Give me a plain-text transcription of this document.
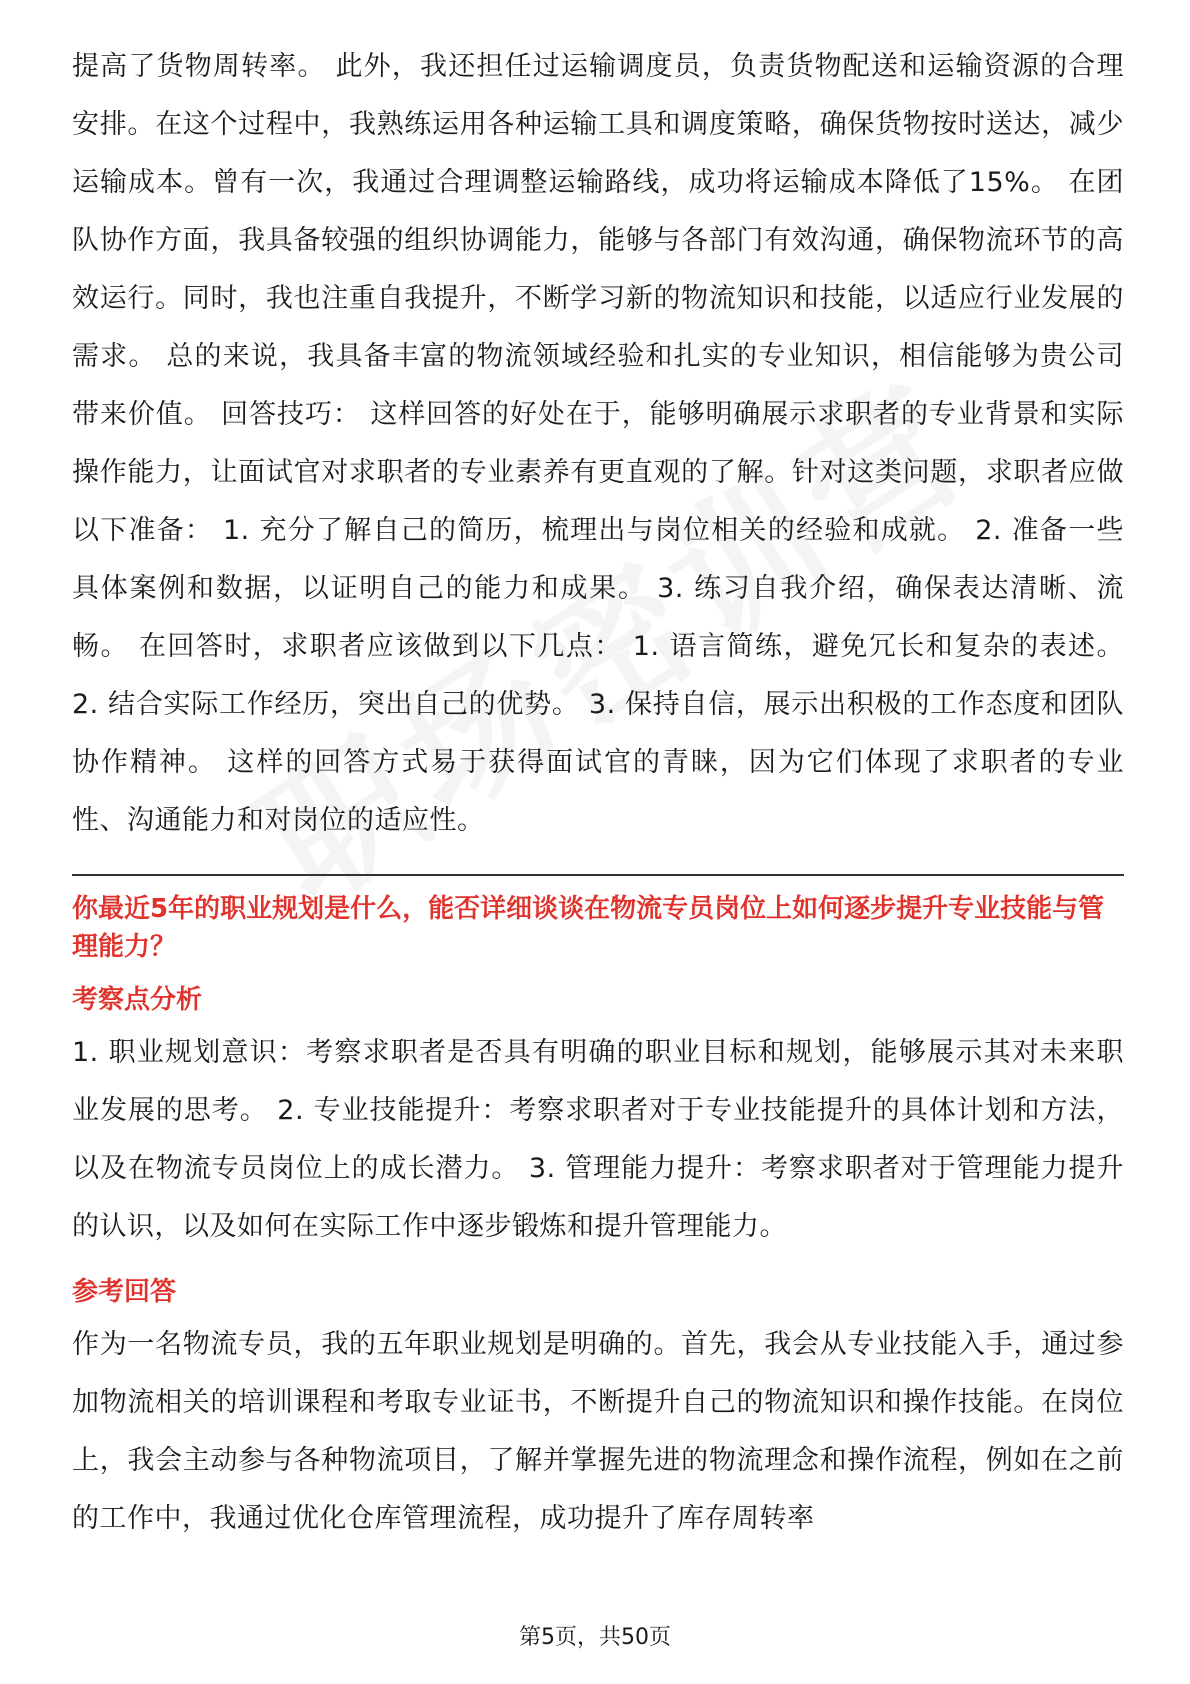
提高了货物周转率。 此外，我还担任过运输调度员，负责货物配送和运输资源的合理安排。在这个过程中，我熟练运用各种运输工具和调度策略，确保货物按时送达，减少运输成本。曾有一次，我通过合理调整运输路线，成功将运输成本降低了15%。 在团队协作方面，我具备较强的组织协调能力，能够与各部门有效沟通，确保物流环节的高效运行。同时，我也注重自我提升，不断学习新的物流知识和技能，以适应行业发展的需求。 总的来说，我具备丰富的物流领域经验和扎实的专业知识，相信能够为贵公司带来价值。 回答技巧： 这样回答的好处在于，能够明确展示求职者的专业背景和实际操作能力，让面试官对求职者的专业素养有更直观的了解。针对这类问题，求职者应做以下准备： 1. 充分了解自己的简历，梳理出与岗位相关的经验和成就。 2. 准备一些具体案例和数据，以证明自己的能力和成果。 3. 练习自我介绍，确保表达清晰、流畅。 在回答时，求职者应该做到以下几点： 1. 语言简练，避免冗长和复杂的表述。 2. 结合实际工作经历，突出自己的优势。 3. 保持自信，展示出积极的工作态度和团队协作精神。 这样的回答方式易于获得面试官的青睐，因为它们体现了求职者的专业性、沟通能力和对岗位的适应性。

你最近5年的职业规划是什么，能否详细谈谈在物流专员岗位上如何逐步提升专业技能与管理能力？

考察点分析

1. 职业规划意识：考察求职者是否具有明确的职业目标和规划，能够展示其对未来职业发展的思考。 2. 专业技能提升：考察求职者对于专业技能提升的具体计划和方法，以及在物流专员岗位上的成长潜力。 3. 管理能力提升：考察求职者对于管理能力提升的认识，以及如何在实际工作中逐步锻炼和提升管理能力。

参考回答

作为一名物流专员，我的五年职业规划是明确的。首先，我会从专业技能入手，通过参加物流相关的培训课程和考取专业证书，不断提升自己的物流知识和操作技能。在岗位上，我会主动参与各种物流项目，了解并掌握先进的物流理念和操作流程，例如在之前的工作中，我通过优化仓库管理流程，成功提升了库存周转率

第5页，共50页
